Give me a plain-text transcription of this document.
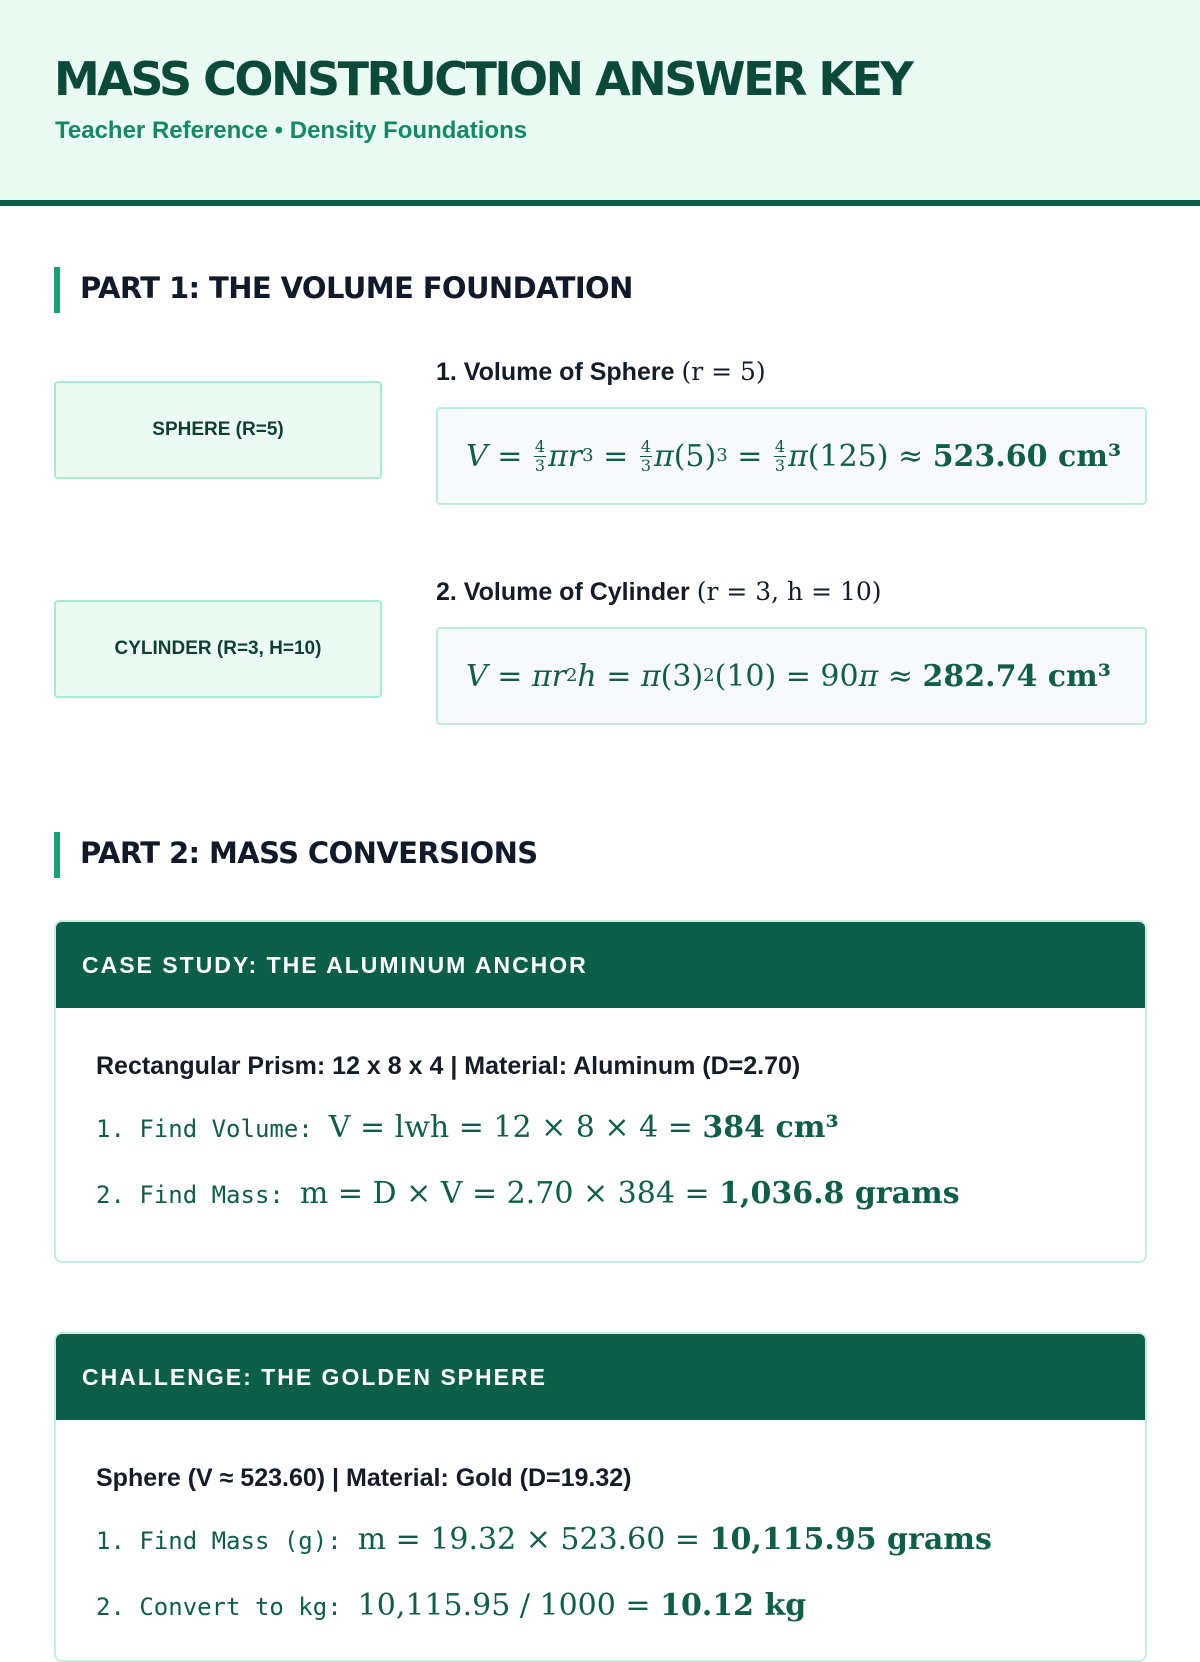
MASS CONSTRUCTION ANSWER KEY
Teacher Reference • Density Foundations
PART 1: THE VOLUME FOUNDATION
SPHERE (R=5)
1. Volume of Sphere (r = 5)
$V = \frac{4}{3}$ πr $3 = \frac{4}{3}$ π (5) $3 = \frac{4}{3}$ π (125) ≈ 523.60 cm³
CYLINDER (R=3, H=10)
2. Volume of Cylinder (r = 3, h = 10)
V = πr 2 h = π (3) 2 (10) = 90 π ≈ 282.74 cm³
PART 2: MASS CONVERSIONS
CASE STUDY: THE ALUMINUM ANCHOR
Rectangular Prism: 12 x 8 x 4 | Material: Aluminum (D=2.70)
1. Find Volume: V = lwh = 12 × 8 × 4 = 384 cm³
2. Find Mass: m = D × V = 2.70 × 384 = 1,036.8 grams
CHALLENGE: THE GOLDEN SPHERE
Sphere (V ≈ 523.60) | Material: Gold (D=19.32)
1. Find Mass (g): m = 19.32 × 523.60 = 10,115.95 grams
2. Convert to kg: 10,115.95 / 1000 = 10.12 kg
